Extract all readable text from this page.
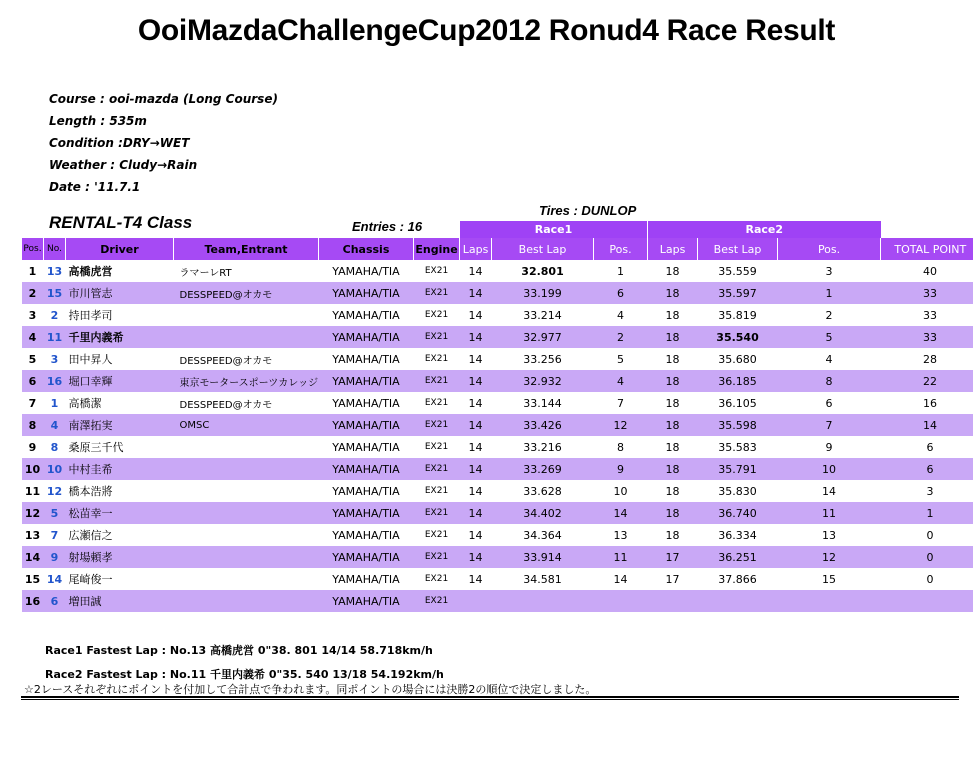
OoiMazdaChallengeCup2012 Ronud4 Race Result
Course : ooi-mazda (Long Course)
Length : 535m
Condition :DRY→WET
Weather : Cludy→Rain
Date : '11.7.1
Tires : DUNLOP
RENTAL-T4 Class	Entries : 16
						Race1			Race2			
Pos.	No.	Driver	Team,Entrant	Chassis	Engine	Laps	Best Lap	Pos.	Laps	Best Lap	Pos.	TOTAL POINT
1	13	高橋虎営	ラマーレRT	YAMAHA/TIA	EX21	14	32.801	1	18	35.559	3	40
2	15	市川管志	DESSPEED@オカモ	YAMAHA/TIA	EX21	14	33.199	6	18	35.597	1	33
3	2	持田孝司		YAMAHA/TIA	EX21	14	33.214	4	18	35.819	2	33
4	11	千里内義希		YAMAHA/TIA	EX21	14	32.977	2	18	35.540	5	33
5	3	田中昇人	DESSPEED@オカモ	YAMAHA/TIA	EX21	14	33.256	5	18	35.680	4	28
6	16	堀口幸輝	東京モータースポーツカレッジ	YAMAHA/TIA	EX21	14	32.932	4	18	36.185	8	22
7	1	高橋潔	DESSPEED@オカモ	YAMAHA/TIA	EX21	14	33.144	7	18	36.105	6	16
8	4	南澤拓実	OMSC	YAMAHA/TIA	EX21	14	33.426	12	18	35.598	7	14
9	8	桑原三千代		YAMAHA/TIA	EX21	14	33.216	8	18	35.583	9	6
10	10	中村圭希		YAMAHA/TIA	EX21	14	33.269	9	18	35.791	10	6
11	12	橋本浩將		YAMAHA/TIA	EX21	14	33.628	10	18	35.830	14	3
12	5	松苗幸一		YAMAHA/TIA	EX21	14	34.402	14	18	36.740	11	1
13	7	広瀬信之		YAMAHA/TIA	EX21	14	34.364	13	18	36.334	13	0
14	9	射場頼孝		YAMAHA/TIA	EX21	14	33.914	11	17	36.251	12	0
15	14	尾崎俊一		YAMAHA/TIA	EX21	14	34.581	14	17	37.866	15	0
16	6	増田誠		YAMAHA/TIA	EX21							
Race1 Fastest Lap : No.13 高橋虎営 0"38. 801 14/14 58.718km/h
Race2 Fastest Lap : No.11 千里内義希 0"35. 540 13/18 54.192km/h
☆2レースそれぞれにポイントを付加して合計点で争われます。同ポイントの場合には決勝2の順位で決定しました。
